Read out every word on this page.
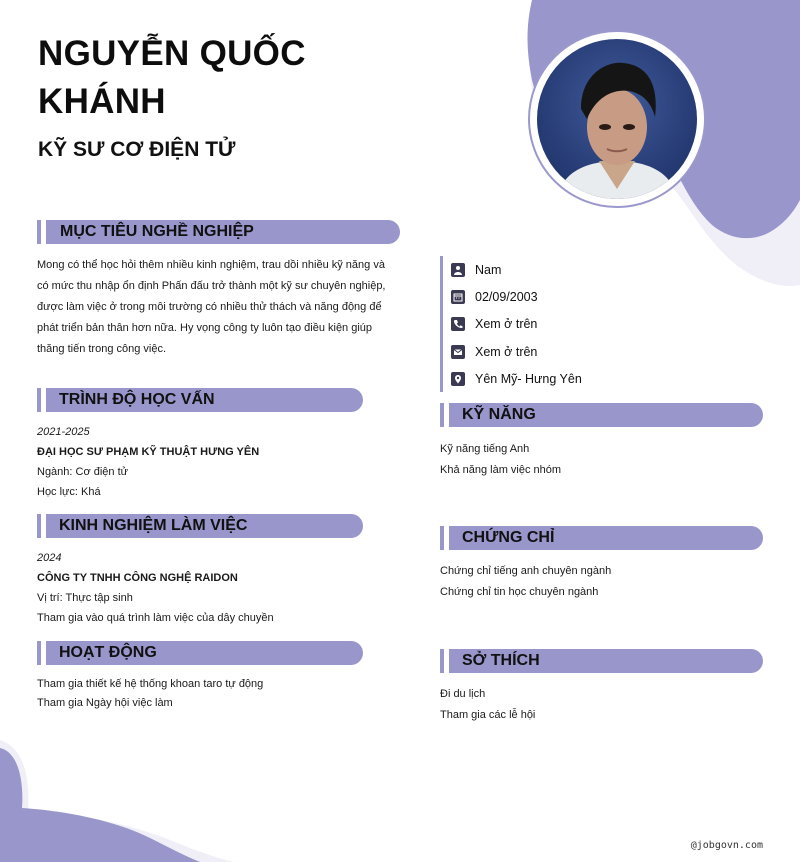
NGUYỄN QUỐC KHÁNH
KỸ SƯ CƠ ĐIỆN TỬ
MỤC TIÊU NGHỀ NGHIỆP
Mong có thể học hỏi thêm nhiều kinh nghiệm, trau dồi nhiều kỹ năng và
có mức thu nhập ổn định Phấn đấu trở thành một kỹ sư chuyên nghiệp,
được làm việc ở trong môi trường có nhiều thử thách và năng động để
phát triển bản thân hơn nữa. Hy vọng công ty luôn tạo điều kiện giúp
thăng tiến trong công việc.
TRÌNH ĐỘ HỌC VẤN
2021-2025
ĐẠI HỌC SƯ PHẠM KỸ THUẬT HƯNG YÊN
Ngành: Cơ điện tử
Học lực: Khá
KINH NGHIỆM LÀM VIỆC
2024
CÔNG TY TNHH CÔNG NGHỆ RAIDON
Vị trí: Thực tập sinh
Tham gia vào quá trình làm việc của dây chuyền
HOẠT ĐỘNG
Tham gia thiết kế hệ thống khoan taro tự động
Tham gia Ngày hội việc làm
Nam
02/09/2003
Xem ở trên
Xem ở trên
Yên Mỹ- Hưng Yên
KỸ NĂNG
Kỹ năng tiếng Anh
Khả năng làm việc nhóm
CHỨNG CHỈ
Chứng chỉ tiếng anh chuyên ngành
Chứng chỉ tin học chuyên ngành
SỞ THÍCH
Đi du lịch
Tham gia các lễ hội
@jobgovn.com
